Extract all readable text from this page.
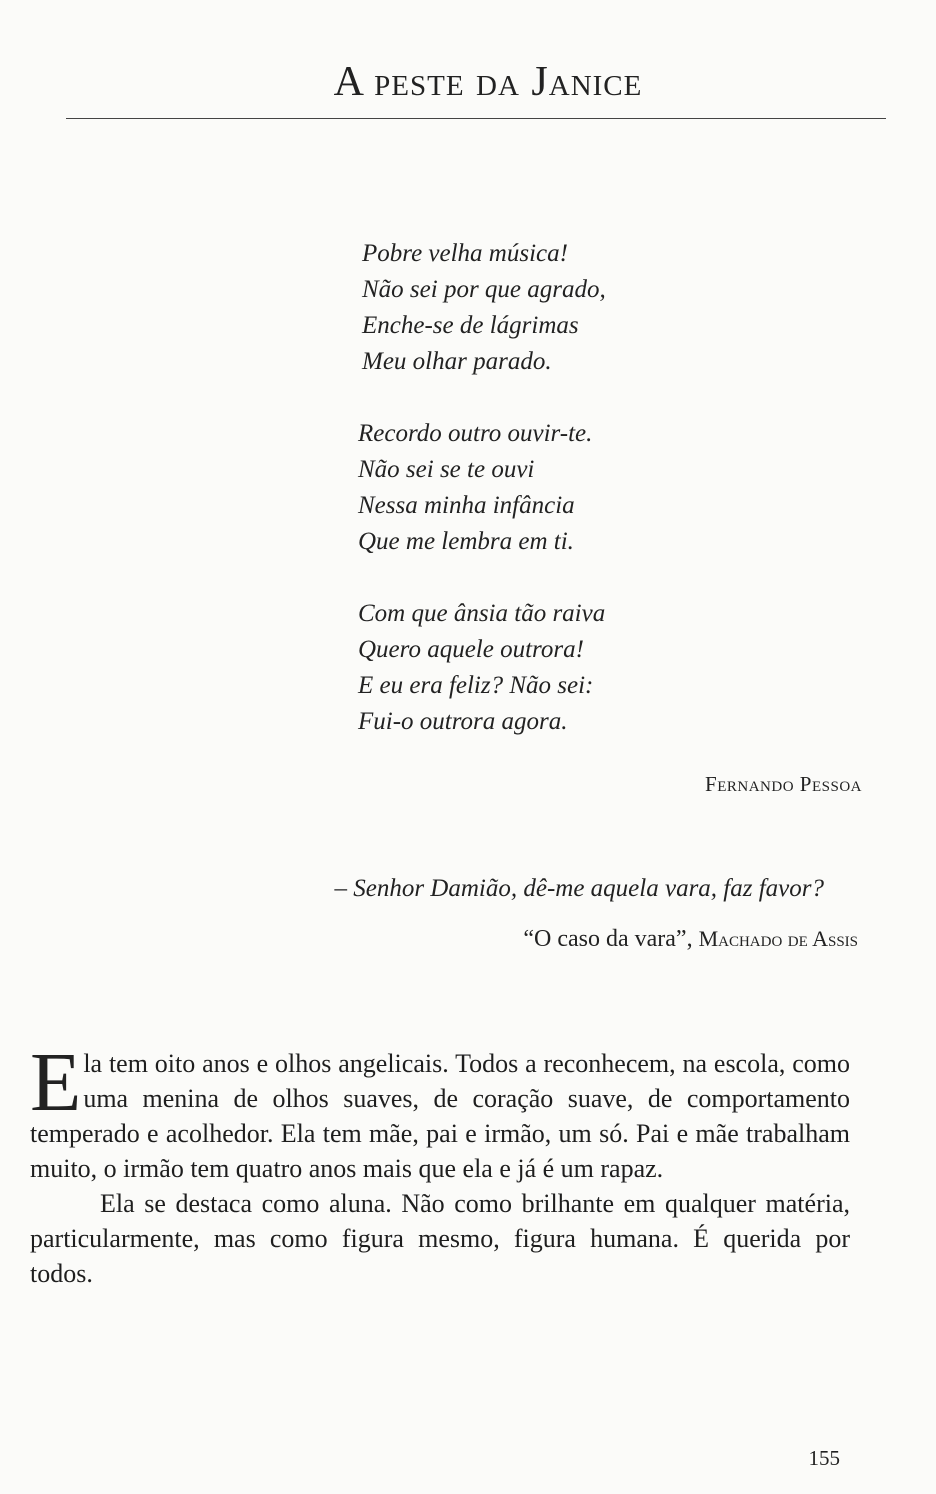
A peste da Janice
Pobre velha música!
Não sei por que agrado,
Enche-se de lágrimas
Meu olhar parado.
Recordo outro ouvir-te.
Não sei se te ouvi
Nessa minha infância
Que me lembra em ti.
Com que ânsia tão raiva
Quero aquele outrora!
E eu era feliz? Não sei:
Fui-o outrora agora.
Fernando Pessoa
– Senhor Damião, dê-me aquela vara, faz favor?
“O caso da vara”, Machado de Assis

Ela tem oito anos e olhos angelicais. Todos a reconhecem, na escola, como uma menina de olhos suaves, de coração suave, de comportamento temperado e acolhedor. Ela tem mãe, pai e irmão, um só. Pai e mãe trabalham muito, o irmão tem quatro anos mais que ela e já é um rapaz.

Ela se destaca como aluna. Não como brilhante em qualquer matéria, particularmente, mas como figura mesmo, figura humana. É querida por todos.

155
